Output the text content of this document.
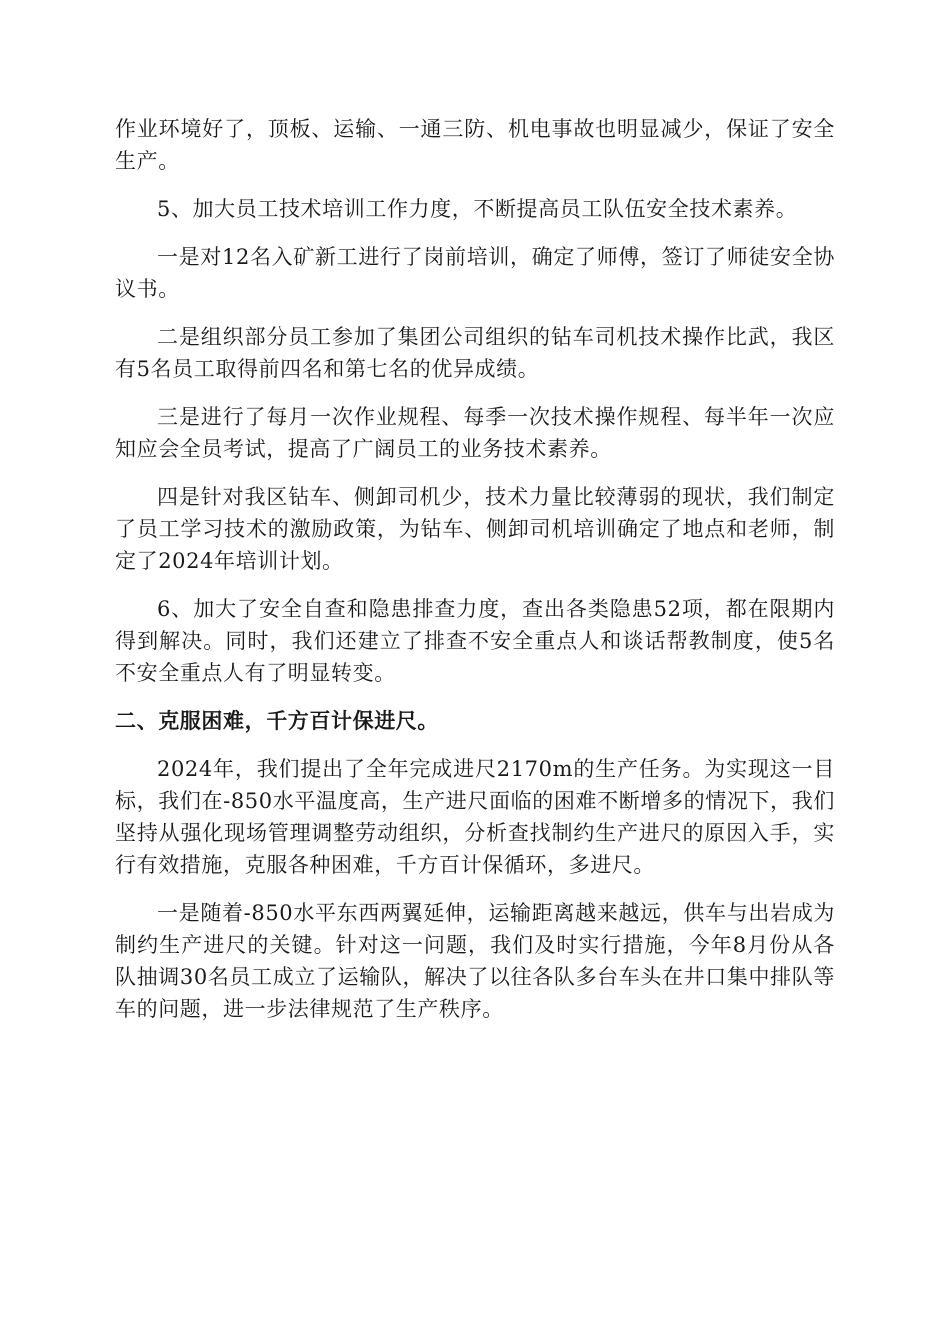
作业环境好了，顶板、运输、一通三防、机电事故也明显减少，保证了安全生产。

5、加大员工技术培训工作力度，不断提高员工队伍安全技术素养。

一是对12名入矿新工进行了岗前培训，确定了师傅，签订了师徒安全协议书。

二是组织部分员工参加了集团公司组织的钻车司机技术操作比武，我区有5名员工取得前四名和第七名的优异成绩。

三是进行了每月一次作业规程、每季一次技术操作规程、每半年一次应知应会全员考试，提高了广阔员工的业务技术素养。

四是针对我区钻车、侧卸司机少，技术力量比较薄弱的现状，我们制定了员工学习技术的激励政策，为钻车、侧卸司机培训确定了地点和老师，制定了2024年培训计划。

6、加大了安全自查和隐患排查力度，查出各类隐患52项，都在限期内得到解决。同时，我们还建立了排查不安全重点人和谈话帮教制度，使5名不安全重点人有了明显转变。

二、克服困难，千方百计保进尺。

2024年，我们提出了全年完成进尺2170m的生产任务。为实现这一目标，我们在-850水平温度高，生产进尺面临的困难不断增多的情况下，我们坚持从强化现场管理调整劳动组织，分析查找制约生产进尺的原因入手，实行有效措施，克服各种困难，千方百计保循环，多进尺。

一是随着-850水平东西两翼延伸，运输距离越来越远，供车与出岩成为制约生产进尺的关键。针对这一问题，我们及时实行措施，今年8月份从各队抽调30名员工成立了运输队，解决了以往各队多台车头在井口集中排队等车的问题，进一步法律规范了生产秩序。
